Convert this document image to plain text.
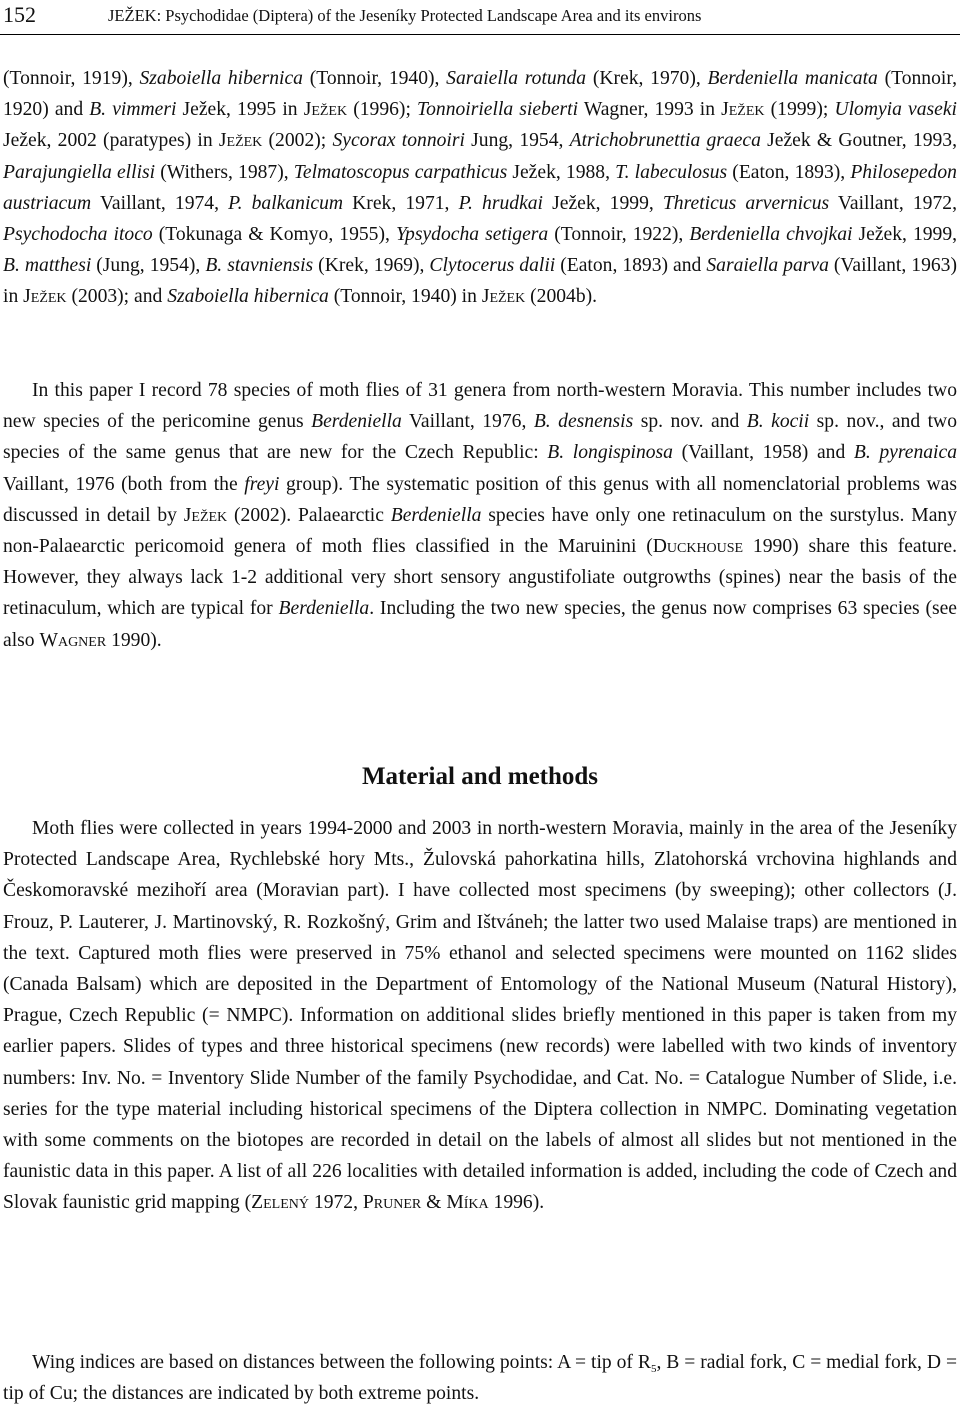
152	JEŽEK: Psychodidae (Diptera) of the Jeseníky Protected Landscape Area and its environs

(Tonnoir, 1919), Szaboiella hibernica (Tonnoir, 1940), Saraiella rotunda (Krek, 1970), Berdeniella manicata (Tonnoir, 1920) and B. vimmeri Ježek, 1995 in Ježek (1996); Tonnoiriella sieberti Wagner, 1993 in Ježek (1999); Ulomyia vaseki Ježek, 2002 (paratypes) in Ježek (2002); Sycorax tonnoiri Jung, 1954, Atrichobrunettia graeca Ježek & Goutner, 1993, Parajungiella ellisi (Withers, 1987), Telmatoscopus carpathicus Ježek, 1988, T. labeculosus (Eaton, 1893), Philosepedon austriacum Vaillant, 1974, P. balkanicum Krek, 1971, P. hrudkai Ježek, 1999, Threticus arvernicus Vaillant, 1972, Psychodocha itoco (Tokunaga & Komyo, 1955), Ypsydocha setigera (Tonnoir, 1922), Berdeniella chvojkai Ježek, 1999, B. matthesi (Jung, 1954), B. stavniensis (Krek, 1969), Clytocerus dalii (Eaton, 1893) and Saraiella parva (Vaillant, 1963) in Ježek (2003); and Szaboiella hibernica (Tonnoir, 1940) in Ježek (2004b).

In this paper I record 78 species of moth flies of 31 genera from north-western Moravia. This number includes two new species of the pericomine genus Berdeniella Vaillant, 1976, B. desnensis sp. nov. and B. kocii sp. nov., and two species of the same genus that are new for the Czech Republic: B. longispinosa (Vaillant, 1958) and B. pyrenaica Vaillant, 1976 (both from the freyi group). The systematic position of this genus with all nomenclatorial problems was discussed in detail by Ježek (2002). Palaearctic Berdeniella species have only one retinaculum on the surstylus. Many non-Palaearctic pericomoid genera of moth flies classified in the Maruinini (Duckhouse 1990) share this feature. However, they always lack 1-2 additional very short sensory angustifoliate outgrowths (spines) near the basis of the retinaculum, which are typical for Berdeniella. Including the two new species, the genus now comprises 63 species (see also Wagner 1990).

Material and methods

Moth flies were collected in years 1994-2000 and 2003 in north-western Moravia, mainly in the area of the Jeseníky Protected Landscape Area, Rychlebské hory Mts., Žulovská pahorkatina hills, Zlatohorská vrchovina highlands and Českomoravské mezihoří area (Moravian part). I have collected most specimens (by sweeping); other collectors (J. Frouz, P. Lauterer, J. Martinovský, R. Rozkošný, Grim and Ištváneh; the latter two used Malaise traps) are mentioned in the text. Captured moth flies were preserved in 75% ethanol and selected specimens were mounted on 1162 slides (Canada Balsam) which are deposited in the Department of Entomology of the National Museum (Natural History), Prague, Czech Republic (= NMPC). Information on additional slides briefly mentioned in this paper is taken from my earlier papers. Slides of types and three historical specimens (new records) were labelled with two kinds of inventory numbers: Inv. No. = Inventory Slide Number of the family Psychodidae, and Cat. No. = Catalogue Number of Slide, i.e. series for the type material including historical specimens of the Diptera collection in NMPC. Dominating vegetation with some comments on the biotopes are recorded in detail on the labels of almost all slides but not mentioned in the faunistic data in this paper. A list of all 226 localities with detailed information is added, including the code of Czech and Slovak faunistic grid mapping (Zelený 1972, Pruner & Míka 1996).

Wing indices are based on distances between the following points: A = tip of $R_5$, B = radial fork, C = medial fork, D = tip of Cu; the distances are indicated by both extreme points.
